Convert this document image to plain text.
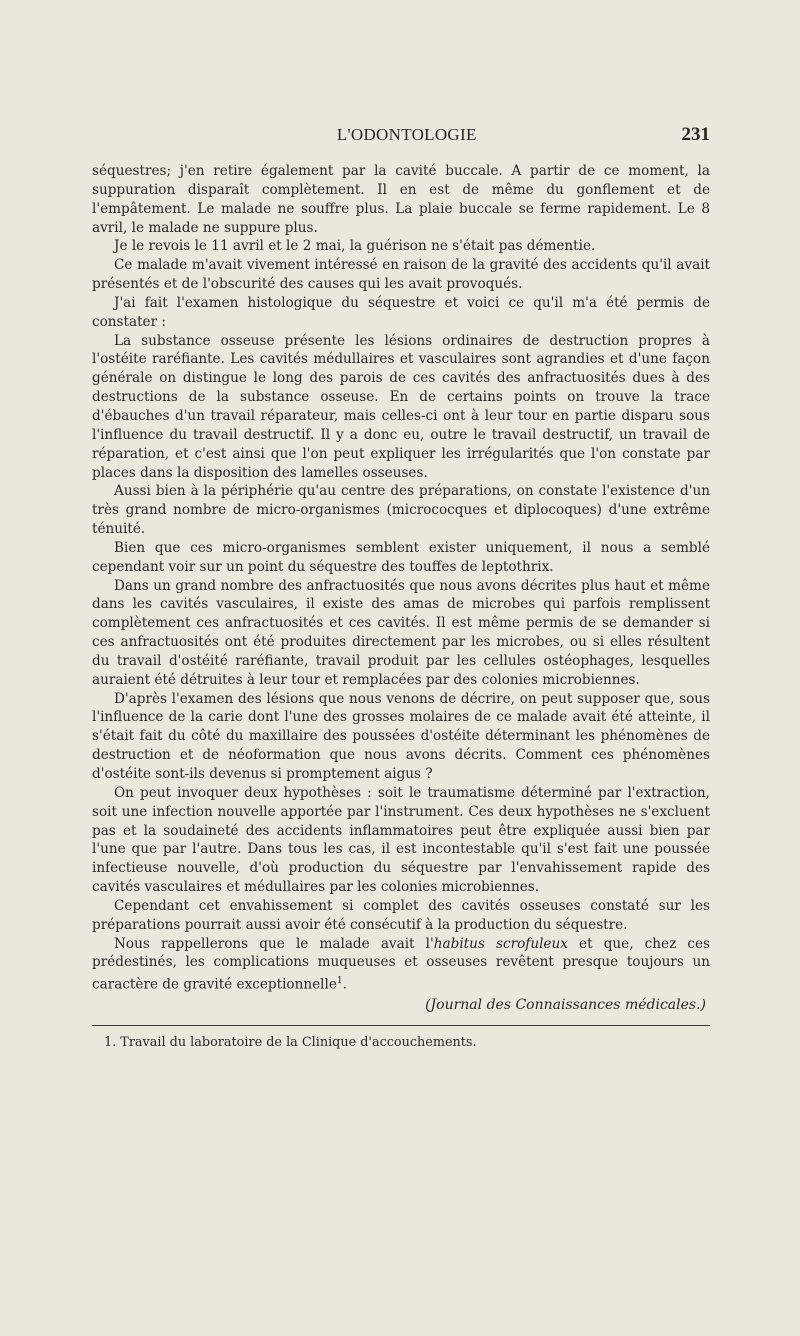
L'ODONTOLOGIE	231

séquestres; j'en retire également par la cavité buccale. A partir de ce moment, la suppuration disparaît complètement. Il en est de même du gonflement et de l'empâtement. Le malade ne souffre plus. La plaie buccale se ferme rapidement. Le 8 avril, le malade ne suppure plus.

Je le revois le 11 avril et le 2 mai, la guérison ne s'était pas démentie.

Ce malade m'avait vivement intéressé en raison de la gravité des accidents qu'il avait présentés et de l'obscurité des causes qui les avait provoqués.

J'ai fait l'examen histologique du séquestre et voici ce qu'il m'a été permis de constater :

La substance osseuse présente les lésions ordinaires de destruction propres à l'ostéite raréfiante. Les cavités médullaires et vasculaires sont agrandies et d'une façon générale on distingue le long des parois de ces cavités des anfractuosités dues à des destructions de la substance osseuse. En de certains points on trouve la trace d'ébauches d'un travail réparateur, mais celles-ci ont à leur tour en partie disparu sous l'influence du travail destructif. Il y a donc eu, outre le travail destructif, un travail de réparation, et c'est ainsi que l'on peut expliquer les irrégularités que l'on constate par places dans la disposition des lamelles osseuses.

Aussi bien à la périphérie qu'au centre des préparations, on constate l'existence d'un très grand nombre de micro-organismes (micrococques et diplocoques) d'une extrême ténuité.

Bien que ces micro-organismes semblent exister uniquement, il nous a semblé cependant voir sur un point du séquestre des touffes de leptothrix.

Dans un grand nombre des anfractuosités que nous avons décrites plus haut et même dans les cavités vasculaires, il existe des amas de microbes qui parfois remplissent complètement ces anfractuosités et ces cavités. Il est même permis de se demander si ces anfractuosités ont été produites directement par les microbes, ou si elles résultent du travail d'ostéité raréfiante, travail produit par les cellules ostéophages, lesquelles auraient été détruites à leur tour et remplacées par des colonies microbiennes.

D'après l'examen des lésions que nous venons de décrire, on peut supposer que, sous l'influence de la carie dont l'une des grosses molaires de ce malade avait été atteinte, il s'était fait du côté du maxillaire des poussées d'ostéite déterminant les phénomènes de destruction et de néoformation que nous avons décrits. Comment ces phénomènes d'ostéite sont-ils devenus si promptement aigus ?

On peut invoquer deux hypothèses : soit le traumatisme déterminé par l'extraction, soit une infection nouvelle apportée par l'instrument. Ces deux hypothèses ne s'excluent pas et la soudaineté des accidents inflammatoires peut être expliquée aussi bien par l'une que par l'autre. Dans tous les cas, il est incontestable qu'il s'est fait une poussée infectieuse nouvelle, d'où production du séquestre par l'envahissement rapide des cavités vasculaires et médullaires par les colonies microbiennes.

Cependant cet envahissement si complet des cavités osseuses constaté sur les préparations pourrait aussi avoir été consécutif à la production du séquestre.

Nous rappellerons que le malade avait l'habitus scrofuleux et que, chez ces prédestinés, les complications muqueuses et osseuses revêtent presque toujours un caractère de gravité exceptionnelle$^1$.

(Journal des Connaissances médicales.)
1. Travail du laboratoire de la Clinique d'accouchements.
